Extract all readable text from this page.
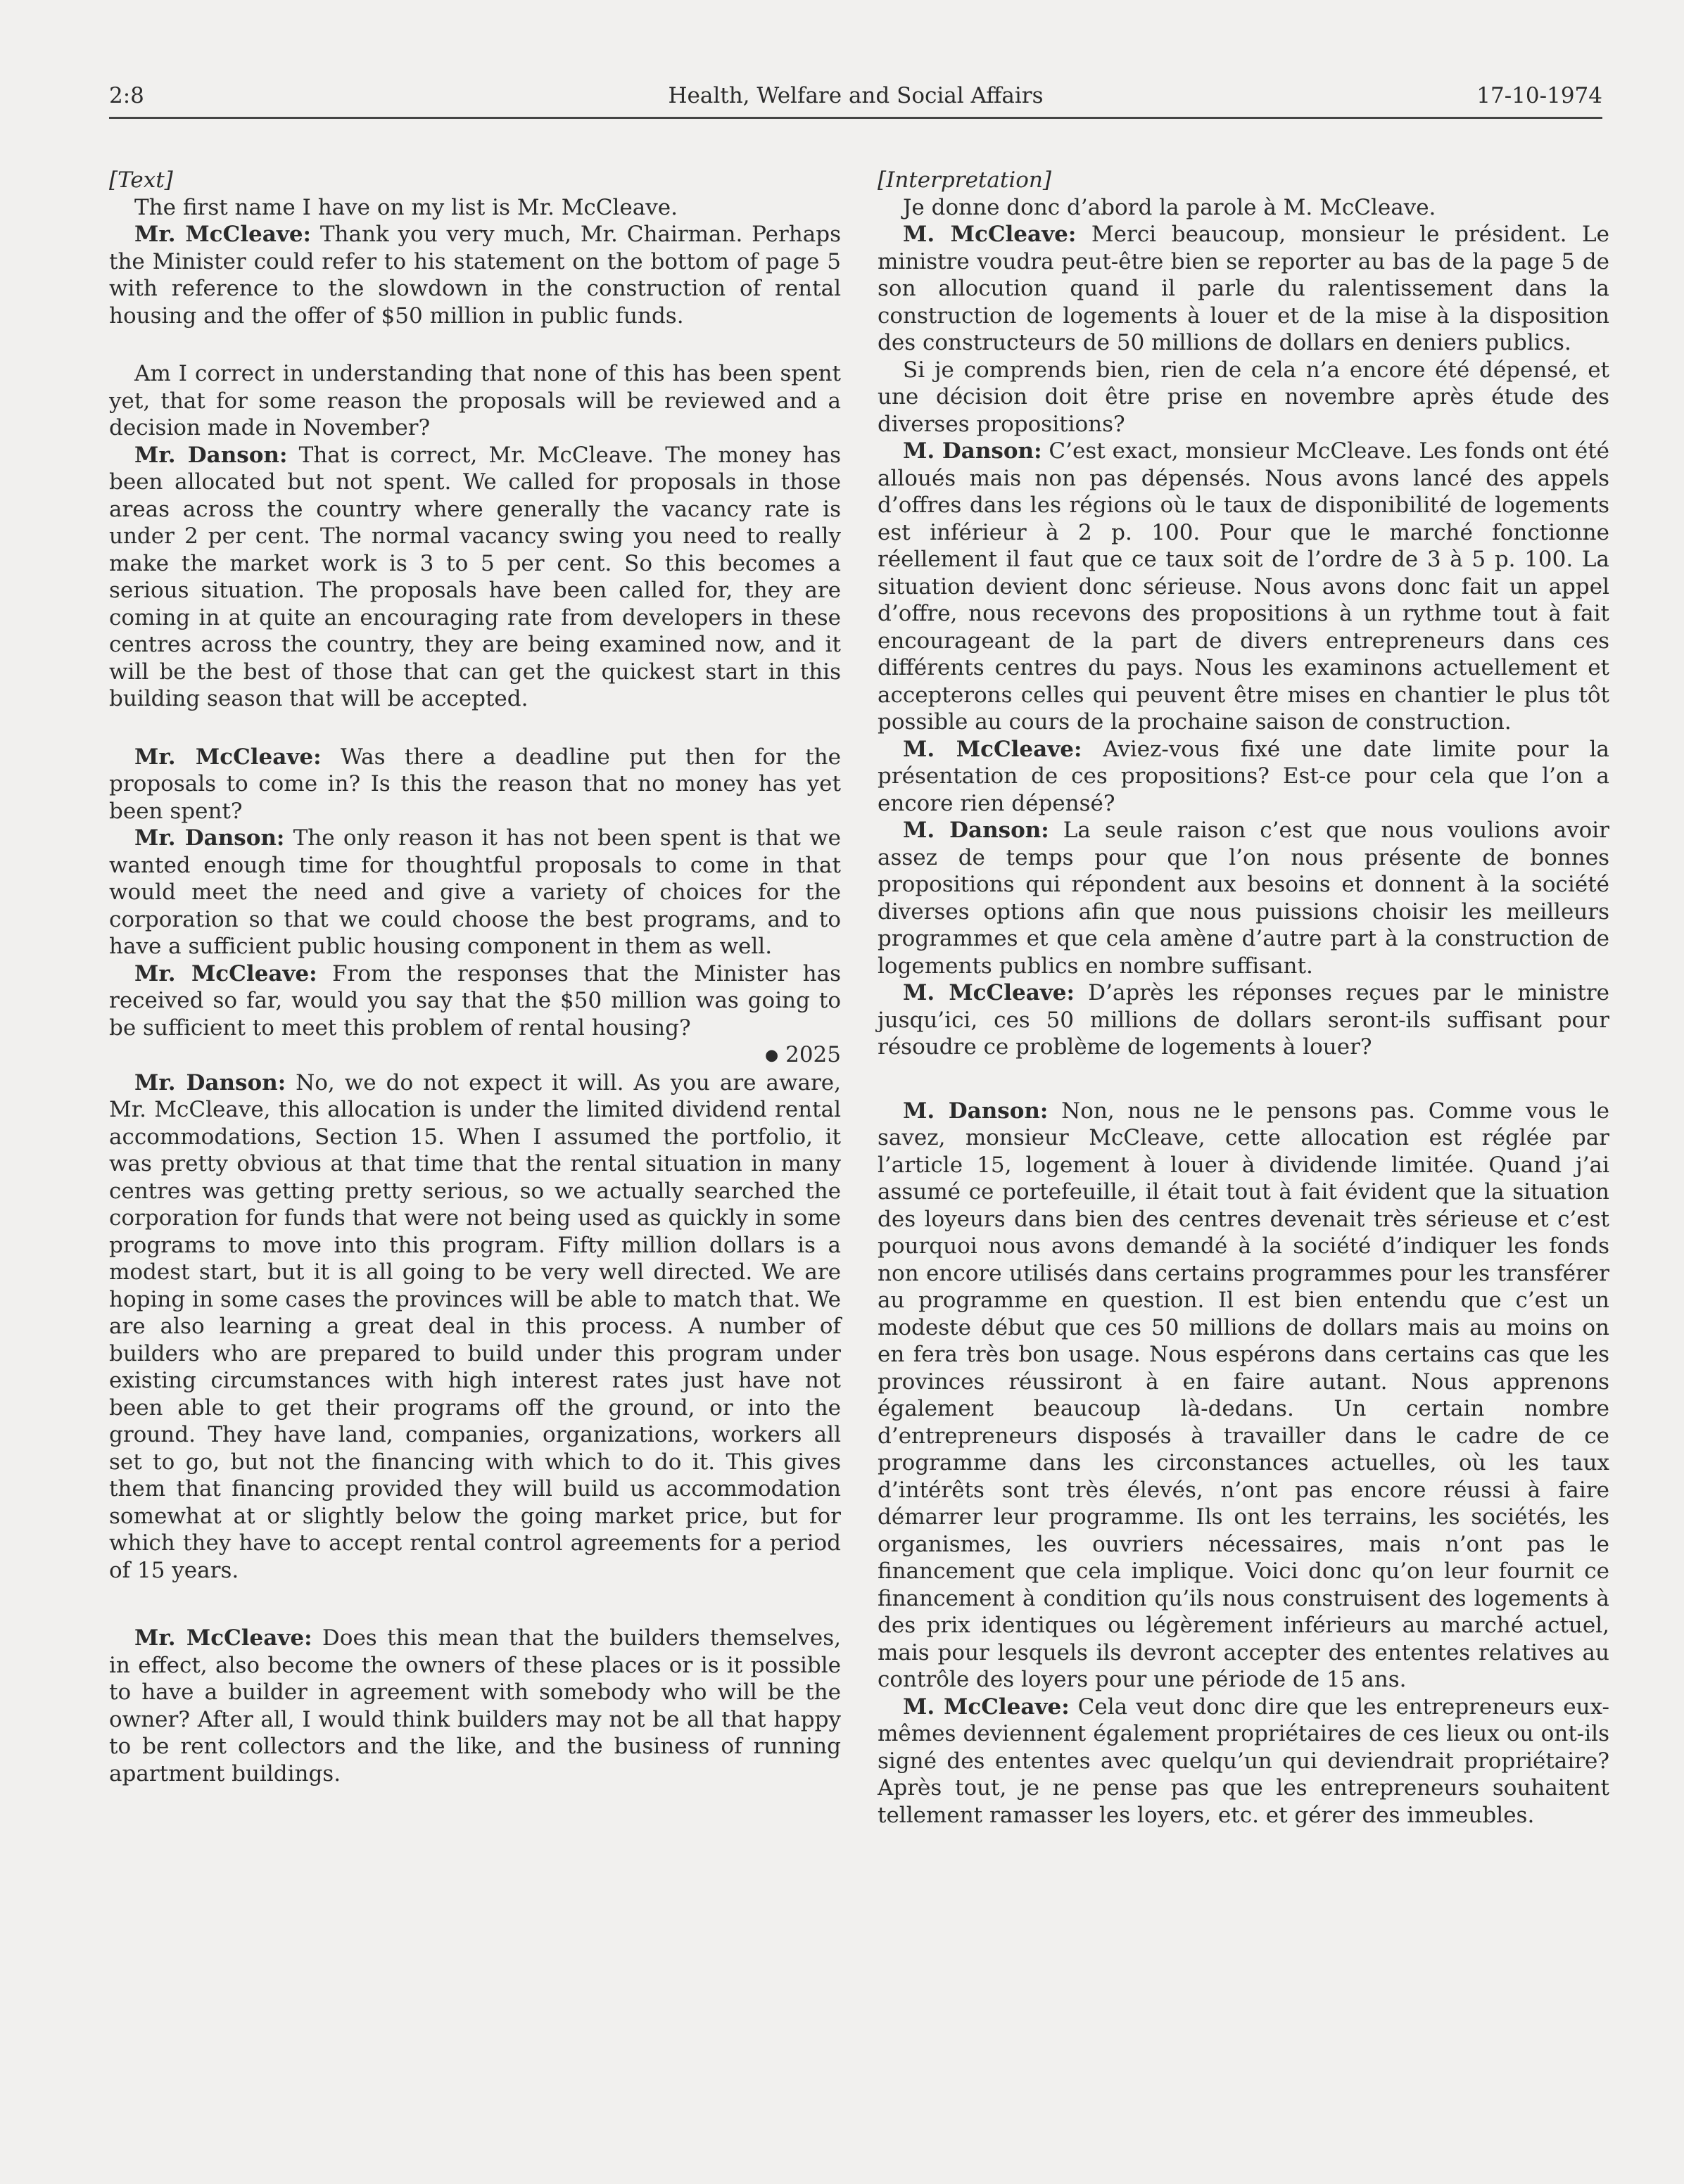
2:8	Health, Welfare and Social Affairs	17-10-1974

[Text]

The first name I have on my list is Mr. McCleave.

Mr. McCleave: Thank you very much, Mr. Chairman. Perhaps the Minister could refer to his statement on the bottom of page 5 with reference to the slowdown in the construction of rental housing and the offer of $50 million in public funds.

Am I correct in understanding that none of this has been spent yet, that for some reason the proposals will be reviewed and a decision made in November?

Mr. Danson: That is correct, Mr. McCleave. The money has been allocated but not spent. We called for proposals in those areas across the country where generally the vacancy rate is under 2 per cent. The normal vacancy swing you need to really make the market work is 3 to 5 per cent. So this becomes a serious situation. The proposals have been called for, they are coming in at quite an encouraging rate from developers in these centres across the country, they are being examined now, and it will be the best of those that can get the quickest start in this building season that will be accepted.

Mr. McCleave: Was there a deadline put then for the proposals to come in? Is this the reason that no money has yet been spent?

Mr. Danson: The only reason it has not been spent is that we wanted enough time for thoughtful proposals to come in that would meet the need and give a variety of choices for the corporation so that we could choose the best programs, and to have a sufficient public housing component in them as well.

Mr. McCleave: From the responses that the Minister has received so far, would you say that the $50 million was going to be sufficient to meet this problem of rental housing?

● 2025

Mr. Danson: No, we do not expect it will. As you are aware, Mr. McCleave, this allocation is under the limited dividend rental accommodations, Section 15. When I assumed the portfolio, it was pretty obvious at that time that the rental situation in many centres was getting pretty serious, so we actually searched the corporation for funds that were not being used as quickly in some programs to move into this program. Fifty million dollars is a modest start, but it is all going to be very well directed. We are hoping in some cases the provinces will be able to match that. We are also learning a great deal in this process. A number of builders who are prepared to build under this program under existing circumstances with high interest rates just have not been able to get their programs off the ground, or into the ground. They have land, companies, organizations, workers all set to go, but not the financing with which to do it. This gives them that financing provided they will build us accommodation somewhat at or slightly below the going market price, but for which they have to accept rental control agreements for a period of 15 years.

Mr. McCleave: Does this mean that the builders themselves, in effect, also become the owners of these places or is it possible to have a builder in agreement with somebody who will be the owner? After all, I would think builders may not be all that happy to be rent collectors and the like, and the business of running apartment buildings.

[Interpretation]

Je donne donc d’abord la parole à M. McCleave.

M. McCleave: Merci beaucoup, monsieur le président. Le ministre voudra peut-être bien se reporter au bas de la page 5 de son allocution quand il parle du ralentissement dans la construction de logements à louer et de la mise à la disposition des constructeurs de 50 millions de dollars en deniers publics.

Si je comprends bien, rien de cela n’a encore été dépensé, et une décision doit être prise en novembre après étude des diverses propositions?

M. Danson: C’est exact, monsieur McCleave. Les fonds ont été alloués mais non pas dépensés. Nous avons lancé des appels d’offres dans les régions où le taux de disponibilité de logements est inférieur à 2 p. 100. Pour que le marché fonctionne réellement il faut que ce taux soit de l’ordre de 3 à 5 p. 100. La situation devient donc sérieuse. Nous avons donc fait un appel d’offre, nous recevons des propositions à un rythme tout à fait encourageant de la part de divers entrepreneurs dans ces différents centres du pays. Nous les examinons actuellement et accepterons celles qui peuvent être mises en chantier le plus tôt possible au cours de la prochaine saison de construction.

M. McCleave: Aviez-vous fixé une date limite pour la présentation de ces propositions? Est-ce pour cela que l’on a encore rien dépensé?

M. Danson: La seule raison c’est que nous voulions avoir assez de temps pour que l’on nous présente de bonnes propositions qui répondent aux besoins et donnent à la société diverses options afin que nous puissions choisir les meilleurs programmes et que cela amène d’autre part à la construction de logements publics en nombre suffisant.

M. McCleave: D’après les réponses reçues par le ministre jusqu’ici, ces 50 millions de dollars seront-ils suffisant pour résoudre ce problème de logements à louer?

M. Danson: Non, nous ne le pensons pas. Comme vous le savez, monsieur McCleave, cette allocation est réglée par l’article 15, logement à louer à dividende limitée. Quand j’ai assumé ce portefeuille, il était tout à fait évident que la situation des loyeurs dans bien des centres devenait très sérieuse et c’est pourquoi nous avons demandé à la société d’indiquer les fonds non encore utilisés dans certains programmes pour les transférer au programme en question. Il est bien entendu que c’est un modeste début que ces 50 millions de dollars mais au moins on en fera très bon usage. Nous espérons dans certains cas que les provinces réussiront à en faire autant. Nous apprenons également beaucoup là-dedans. Un certain nombre d’entrepreneurs disposés à travailler dans le cadre de ce programme dans les circonstances actuelles, où les taux d’intérêts sont très élevés, n’ont pas encore réussi à faire démarrer leur programme. Ils ont les terrains, les sociétés, les organismes, les ouvriers nécessaires, mais n’ont pas le financement que cela implique. Voici donc qu’on leur fournit ce financement à condition qu’ils nous construisent des logements à des prix identiques ou légèrement inférieurs au marché actuel, mais pour lesquels ils devront accepter des ententes relatives au contrôle des loyers pour une période de 15 ans.

M. McCleave: Cela veut donc dire que les entrepreneurs eux-mêmes deviennent également propriétaires de ces lieux ou ont-ils signé des ententes avec quelqu’un qui deviendrait propriétaire? Après tout, je ne pense pas que les entrepreneurs souhaitent tellement ramasser les loyers, etc. et gérer des immeubles.
